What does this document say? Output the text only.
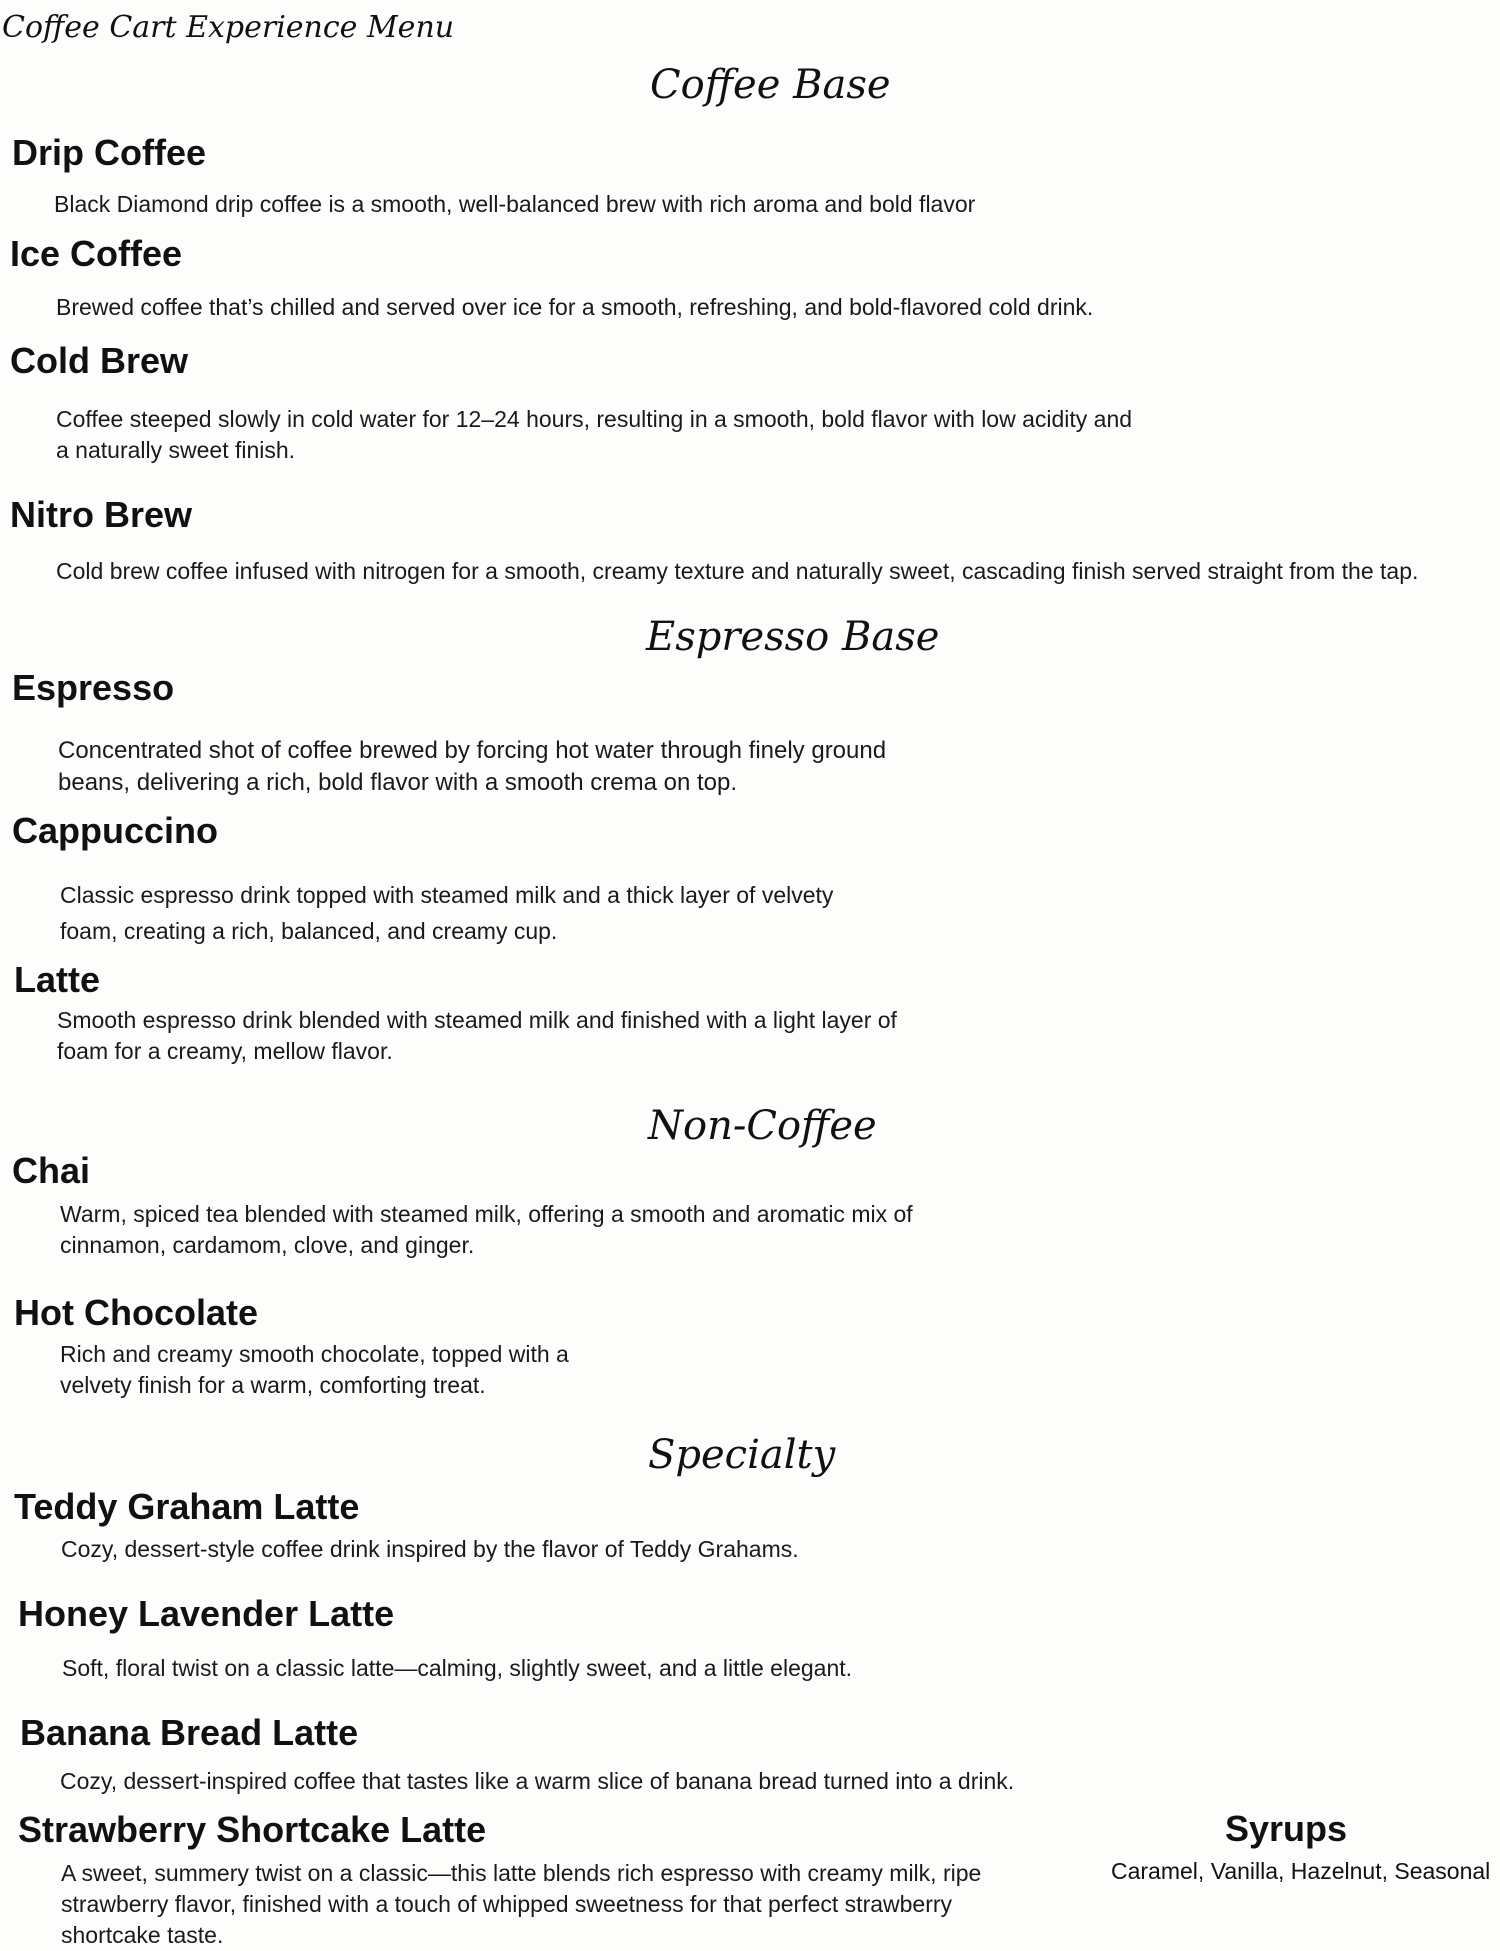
Coffee Cart Experience Menu
Coffee Base
Drip Coffee

Black Diamond drip coffee is a smooth, well-balanced brew with rich aroma and bold flavor

Ice Coffee

Brewed coffee that’s chilled and served over ice for a smooth, refreshing, and bold-flavored cold drink.

Cold Brew

Coffee steeped slowly in cold water for 12–24 hours, resulting in a smooth, bold flavor with low acidity and a naturally sweet finish.

Nitro Brew

Cold brew coffee infused with nitrogen for a smooth, creamy texture and naturally sweet, cascading finish served straight from the tap.

Espresso Base
Espresso

Concentrated shot of coffee brewed by forcing hot water through finely ground beans, delivering a rich, bold flavor with a smooth crema on top.

Cappuccino

Classic espresso drink topped with steamed milk and a thick layer of velvety foam, creating a rich, balanced, and creamy cup.

Latte

Smooth espresso drink blended with steamed milk and finished with a light layer of foam for a creamy, mellow flavor.

Non-Coffee
Chai

Warm, spiced tea blended with steamed milk, offering a smooth and aromatic mix of cinnamon, cardamom, clove, and ginger.

Hot Chocolate

Rich and creamy smooth chocolate, topped with a velvety finish for a warm, comforting treat.

Specialty
Teddy Graham Latte

Cozy, dessert-style coffee drink inspired by the flavor of Teddy Grahams.

Honey Lavender Latte

Soft, floral twist on a classic latte—calming, slightly sweet, and a little elegant.

Banana Bread Latte

Cozy, dessert-inspired coffee that tastes like a warm slice of banana bread turned into a drink.

Strawberry Shortcake Latte

A sweet, summery twist on a classic—this latte blends rich espresso with creamy milk, ripe strawberry flavor, finished with a touch of whipped sweetness for that perfect strawberry shortcake taste.

Syrups

Caramel, Vanilla, Hazelnut, Seasonal
